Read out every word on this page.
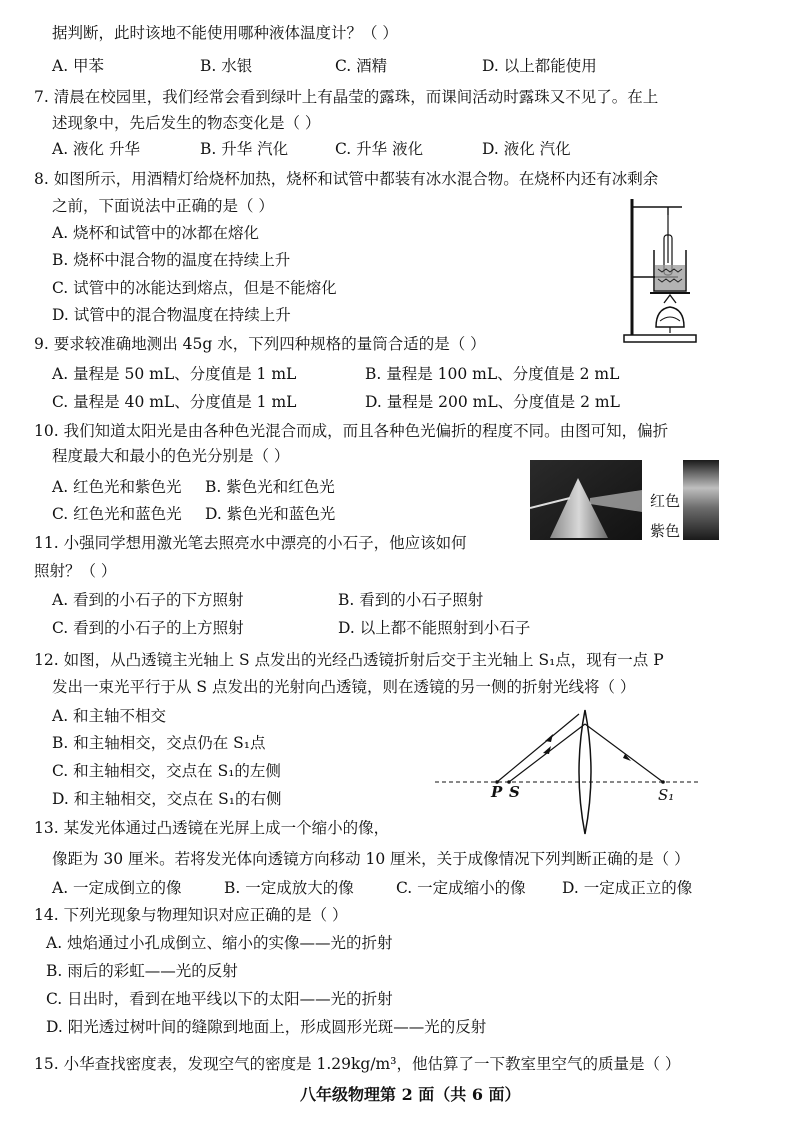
据判断，此时该地不能使用哪种液体温度计？（ ）
A. 甲苯	B. 水银	C. 酒精	D. 以上都能使用
7. 清晨在校园里，我们经常会看到绿叶上有晶莹的露珠，而课间活动时露珠又不见了。在上
述现象中，先后发生的物态变化是（ ）
A. 液化 升华	B. 升华 汽化	C. 升华 液化	D. 液化 汽化
8. 如图所示，用酒精灯给烧杯加热，烧杯和试管中都装有冰水混合物。在烧杯内还有冰剩余
之前，下面说法中正确的是（ ）
A. 烧杯和试管中的冰都在熔化
B. 烧杯中混合物的温度在持续上升
C. 试管中的冰能达到熔点，但是不能熔化
D. 试管中的混合物温度在持续上升
9. 要求较准确地测出 45g 水，下列四种规格的量筒合适的是（ ）
A. 量程是 50 mL、分度值是 1 mL	B. 量程是 100 mL、分度值是 2 mL
C. 量程是 40 mL、分度值是 1 mL	D. 量程是 200 mL、分度值是 2 mL
10. 我们知道太阳光是由各种色光混合而成，而且各种色光偏折的程度不同。由图可知，偏折
程度最大和最小的色光分别是（ ）
A. 红色光和紫色光 B. 紫色光和红色光
C. 红色光和蓝色光 D. 紫色光和蓝色光
红色
紫色
11. 小强同学想用激光笔去照亮水中漂亮的小石子，他应该如何
照射？（ ）
A. 看到的小石子的下方照射	B. 看到的小石子照射
C. 看到的小石子的上方照射	D. 以上都不能照射到小石子
12. 如图，从凸透镜主光轴上 S 点发出的光经凸透镜折射后交于主光轴上 S₁点，现有一点 P
发出一束光平行于从 S 点发出的光射向凸透镜，则在透镜的另一侧的折射光线将（ ）
A. 和主轴不相交
B. 和主轴相交，交点仍在 S₁点
C. 和主轴相交，交点在 S₁的左侧
D. 和主轴相交，交点在 S₁的右侧	P S	S₁
13. 某发光体通过凸透镜在光屏上成一个缩小的像，
像距为 30 厘米。若将发光体向透镜方向移动 10 厘米，关于成像情况下列判断正确的是（ ）
A. 一定成倒立的像	B. 一定成放大的像	C. 一定成缩小的像 D. 一定成正立的像
14. 下列光现象与物理知识对应正确的是（ ）
A. 烛焰通过小孔成倒立、缩小的实像——光的折射
B. 雨后的彩虹——光的反射
C. 日出时，看到在地平线以下的太阳——光的折射
D. 阳光透过树叶间的缝隙到地面上，形成圆形光斑——光的反射
15. 小华查找密度表，发现空气的密度是 1.29kg/m³，他估算了一下教室里空气的质量是（ ）
八年级物理第 2 面（共 6 面）
